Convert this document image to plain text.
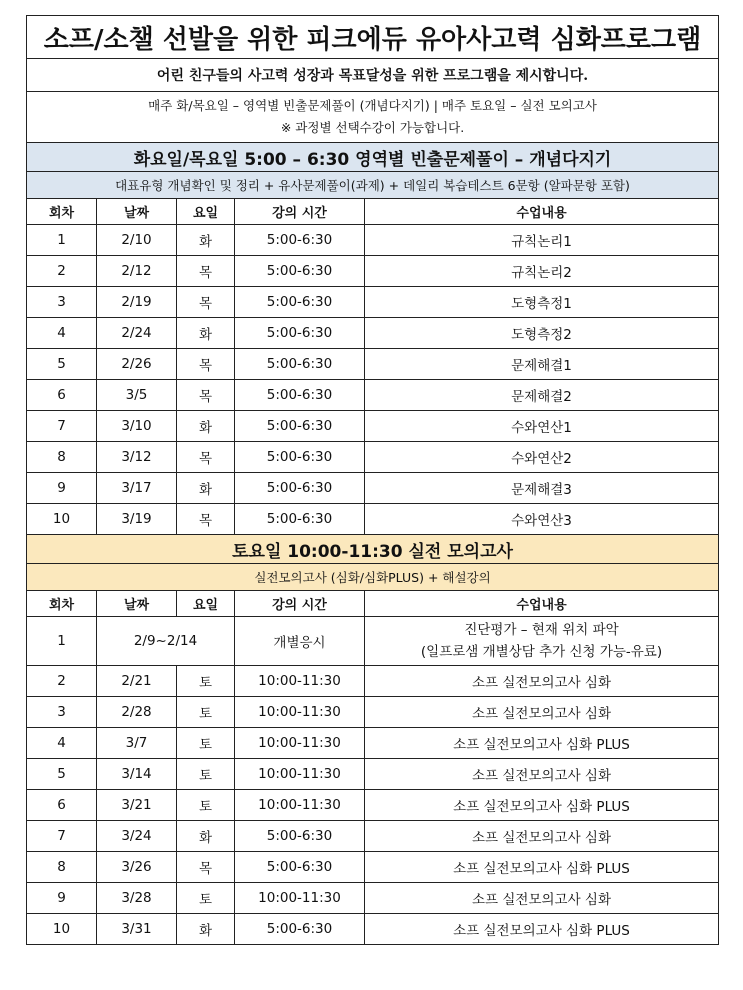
소프/소챌 선발을 위한 피크에듀 유아사고력 심화프로그램				
어린 친구들의 사고력 성장과 목표달성을 위한 프로그램을 제시합니다.				

매주 화/목요일 – 영역별 빈출문제풀이 (개념다지기) | 매주 토요일 – 실전 모의고사
※ 과정별 선택수강이 가능합니다.				

화요일/목요일 5:00 – 6:30 영역별 빈출문제풀이 – 개념다지기				
대표유형 개념확인 및 정리 + 유사문제풀이(과제) + 데일리 복습테스트 6문항 (알파문항 포함)				
회차	날짜	요일	강의 시간	수업내용
1	2/10	화	5:00-6:30	규칙논리1
2	2/12	목	5:00-6:30	규칙논리2
3	2/19	목	5:00-6:30	도형측정1
4	2/24	화	5:00-6:30	도형측정2
5	2/26	목	5:00-6:30	문제해결1
6	3/5	목	5:00-6:30	문제해결2
7	3/10	화	5:00-6:30	수와연산1
8	3/12	목	5:00-6:30	수와연산2
9	3/17	화	5:00-6:30	문제해결3
10	3/19	목	5:00-6:30	수와연산3
토요일 10:00-11:30 실전 모의고사				
실전모의고사 (심화/심화PLUS) + 해설강의				
회차	날짜	요일	강의 시간	수업내용
1	2/9~2/14		개별응시	진단평가 – 현재 위치 파악
(일프로샘 개별상담 추가 신청 가능-유료)

2	2/21	토	10:00-11:30	소프 실전모의고사 심화
3	2/28	토	10:00-11:30	소프 실전모의고사 심화
4	3/7	토	10:00-11:30	소프 실전모의고사 심화 PLUS
5	3/14	토	10:00-11:30	소프 실전모의고사 심화
6	3/21	토	10:00-11:30	소프 실전모의고사 심화 PLUS
7	3/24	화	5:00-6:30	소프 실전모의고사 심화
8	3/26	목	5:00-6:30	소프 실전모의고사 심화 PLUS
9	3/28	토	10:00-11:30	소프 실전모의고사 심화
10	3/31	화	5:00-6:30	소프 실전모의고사 심화 PLUS
